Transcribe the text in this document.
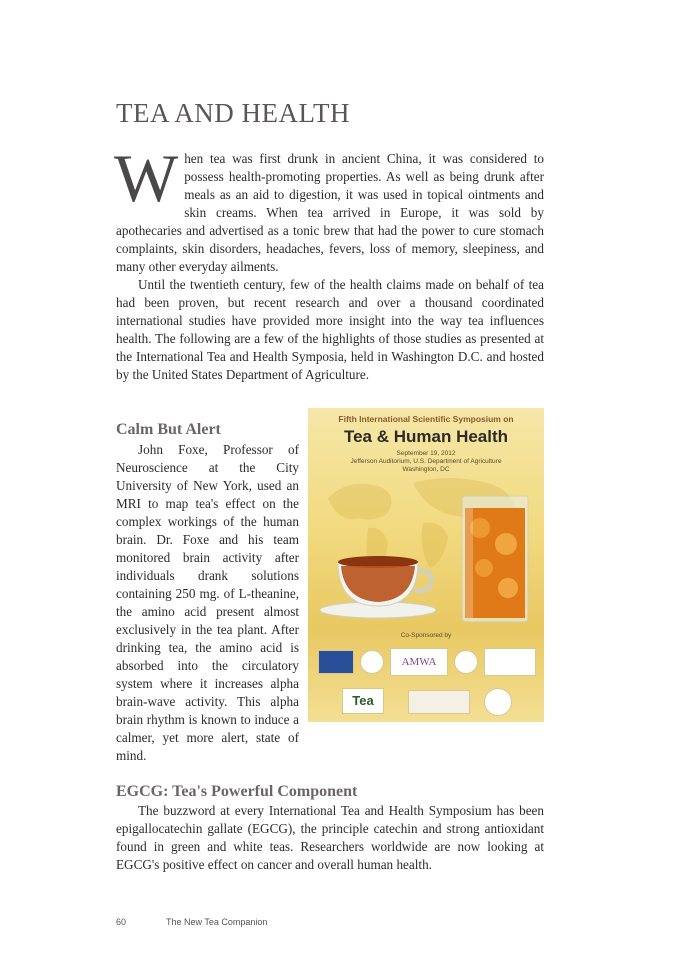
TEA AND HEALTH

When tea was first drunk in ancient China, it was considered to possess health-promoting properties. As well as being drunk after meals as an aid to digestion, it was used in topical ointments and skin creams. When tea arrived in Europe, it was sold by apothecaries and advertised as a tonic brew that had the power to cure stomach complaints, skin disorders, headaches, fevers, loss of memory, sleepiness, and many other everyday ailments.

Until the twentieth century, few of the health claims made on behalf of tea had been proven, but recent research and over a thousand coordinated international studies have provided more insight into the way tea influences health. The following are a few of the highlights of those studies as presented at the International Tea and Health Symposia, held in Washington D.C. and hosted by the United States Department of Agriculture.

Calm But Alert

John Foxe, Professor of Neuroscience at the City University of New York, used an MRI to map tea's effect on the complex workings of the human brain. Dr. Foxe and his team monitored brain activity after individuals drank solutions containing 250 mg. of L-theanine, the amino acid present almost exclusively in the tea plant. After drinking tea, the amino acid is absorbed into the circulatory system where it increases alpha brain-wave activity. This alpha brain rhythm is known to induce a calmer, yet more alert, state of mind.

Fifth International Scientific Symposium on
Tea & Human Health
September 19, 2012
Jefferson Auditorium, U.S. Department of Agriculture
Washington, DC
Co-Sponsored by
AMWA
Tea
EGCG: Tea's Powerful Component

The buzzword at every International Tea and Health Symposium has been epigallocatechin gallate (EGCG), the principle catechin and strong antioxidant found in green and white teas. Researchers worldwide are now looking at EGCG's positive effect on cancer and overall human health.

60	The New Tea Companion
